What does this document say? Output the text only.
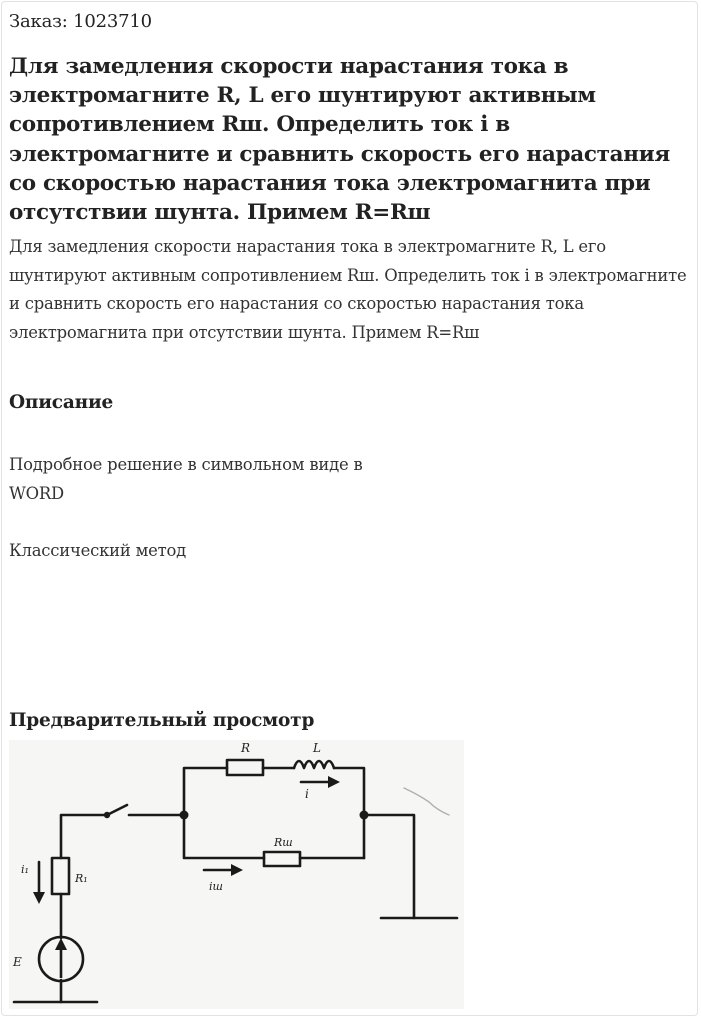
Заказ: 1023710
Для замедления скорости нарастания тока в электромагните R, L его шунтируют активным сопротивлением Rш. Определить ток i в электромагните и сравнить скорость его нарастания со скоростью нарастания тока электромагнита при отсутствии шунта. Примем R=Rш

Для замедления скорости нарастания тока в электромагните R, L его шунтируют активным сопротивлением Rш. Определить ток i в электромагните и сравнить скорость его нарастания со скоростью нарастания тока электромагнита при отсутствии шунта. Примем R=Rш

Описание

Подробное решение в символьном виде в WORD

Классический метод

Предварительный просмотр
R	L
i
Rш
iш
i₁
R₁
E
